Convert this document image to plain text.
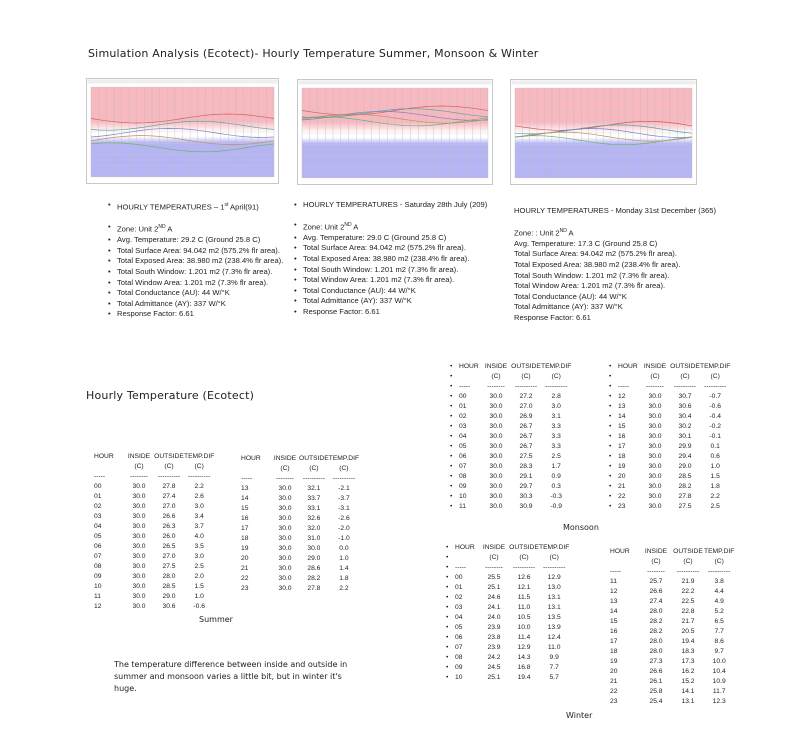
Simulation Analysis (Ecotect)- Hourly Temperature Summer, Monsoon & Winter
• HOURLY TEMPERATURES – 1st April(91)
• Zone: Unit 2ND A
• Avg. Temperature: 29.2 C (Ground 25.8 C)
• Total Surface Area: 94.042 m2 (575.2% flr area).
• Total Exposed Area: 38.980 m2 (238.4% flr area).
• Total South Window: 1.201 m2 (7.3% flr area).
• Total Window Area: 1.201 m2 (7.3% flr area).
• Total Conductance (AU): 44 W/°K
• Total Admittance (AY): 337 W/°K
• Response Factor: 6.61
• HOURLY TEMPERATURES - Saturday 28th July (209)
• Zone: Unit 2ND A
• Avg. Temperature: 29.0 C (Ground 25.8 C)
• Total Surface Area: 94.042 m2 (575.2% flr area).
• Total Exposed Area: 38.980 m2 (238.4% flr area).
• Total South Window: 1.201 m2 (7.3% flr area).
• Total Window Area: 1.201 m2 (7.3% flr area).
• Total Conductance (AU): 44 W/°K
• Total Admittance (AY): 337 W/°K
• Response Factor: 6.61
HOURLY TEMPERATURES - Monday 31st December (365)
Zone: : Unit 2ND A
Avg. Temperature: 17.3 C (Ground 25.8 C)
Total Surface Area: 94.042 m2 (575.2% flr area).
Total Exposed Area: 38.980 m2 (238.4% flr area).
Total South Window: 1.201 m2 (7.3% flr area).
Total Window Area: 1.201 m2 (7.3% flr area).
Total Conductance (AU): 44 W/°K
Total Admittance (AY): 337 W/°K
Response Factor: 6.61
Hourly Temperature (Ecotect)
HOUR	INSIDE	OUTSIDE	TEMP.DIF
	(C)	(C)	(C)
-----	--------	----------	----------
00	30.0	27.8	2.2
01	30.0	27.4	2.6
02	30.0	27.0	3.0
03	30.0	26.6	3.4
04	30.0	26.3	3.7
05	30.0	26.0	4.0
06	30.0	26.5	3.5
07	30.0	27.0	3.0
08	30.0	27.5	2.5
09	30.0	28.0	2.0
10	30.0	28.5	1.5
11	30.0	29.0	1.0
12	30.0	30.6	-0.6
HOUR	INSIDE	OUTSIDE	TEMP.DIF
	(C)	(C)	(C)
-----	--------	----------	----------
13	30.0	32.1	-2.1
14	30.0	33.7	-3.7
15	30.0	33.1	-3.1
16	30.0	32.6	-2.6
17	30.0	32.0	-2.0
18	30.0	31.0	-1.0
19	30.0	30.0	0.0
20	30.0	29.0	1.0
21	30.0	28.6	1.4
22	30.0	28.2	1.8
23	30.0	27.8	2.2
•	HOUR	INSIDE	OUTSIDE	TEMP.DIF
•		(C)	(C)	(C)
•	-----	--------	----------	----------
•	00	30.0	27.2	2.8
•	01	30.0	27.0	3.0
•	02	30.0	26.9	3.1
•	03	30.0	26.7	3.3
•	04	30.0	26.7	3.3
•	05	30.0	26.7	3.3
•	06	30.0	27.5	2.5
•	07	30.0	28.3	1.7
•	08	30.0	29.1	0.9
•	09	30.0	29.7	0.3
•	10	30.0	30.3	-0.3
•	11	30.0	30.9	-0.9
•	HOUR	INSIDE	OUTSIDE	TEMP.DIF
•		(C)	(C)	(C)
•	-----	--------	----------	----------
•	12	30.0	30.7	-0.7
•	13	30.0	30.6	-0.6
•	14	30.0	30.4	-0.4
•	15	30.0	30.2	-0.2
•	16	30.0	30.1	-0.1
•	17	30.0	29.9	0.1
•	18	30.0	29.4	0.6
•	19	30.0	29.0	1.0
•	20	30.0	28.5	1.5
•	21	30.0	28.2	1.8
•	22	30.0	27.8	2.2
•	23	30.0	27.5	2.5
•	HOUR	INSIDE	OUTSIDE	TEMP.DIF
•		(C)	(C)	(C)
•	-----	--------	----------	----------
•	00	25.5	12.6	12.9
•	01	25.1	12.1	13.0
•	02	24.6	11.5	13.1
•	03	24.1	11.0	13.1
•	04	24.0	10.5	13.5
•	05	23.9	10.0	13.9
•	06	23.8	11.4	12.4
•	07	23.9	12.9	11.0
•	08	24.2	14.3	9.9
•	09	24.5	16.8	7.7
•	10	25.1	19.4	5.7
HOUR	INSIDE	OUTSIDE	TEMP.DIF
	(C)	(C)	(C)
-----	--------	----------	----------
11	25.7	21.9	3.8
12	26.6	22.2	4.4
13	27.4	22.5	4.9
14	28.0	22.8	5.2
15	28.2	21.7	6.5
16	28.2	20.5	7.7
17	28.0	19.4	8.6
18	28.0	18.3	9.7
19	27.3	17.3	10.0
20	26.6	16.2	10.4
21	26.1	15.2	10.9
22	25.8	14.1	11.7
23	25.4	13.1	12.3
Summer
Monsoon
Winter
The temperature difference between inside and outside in summer and monsoon varies a little bit, but in winter it's huge.
